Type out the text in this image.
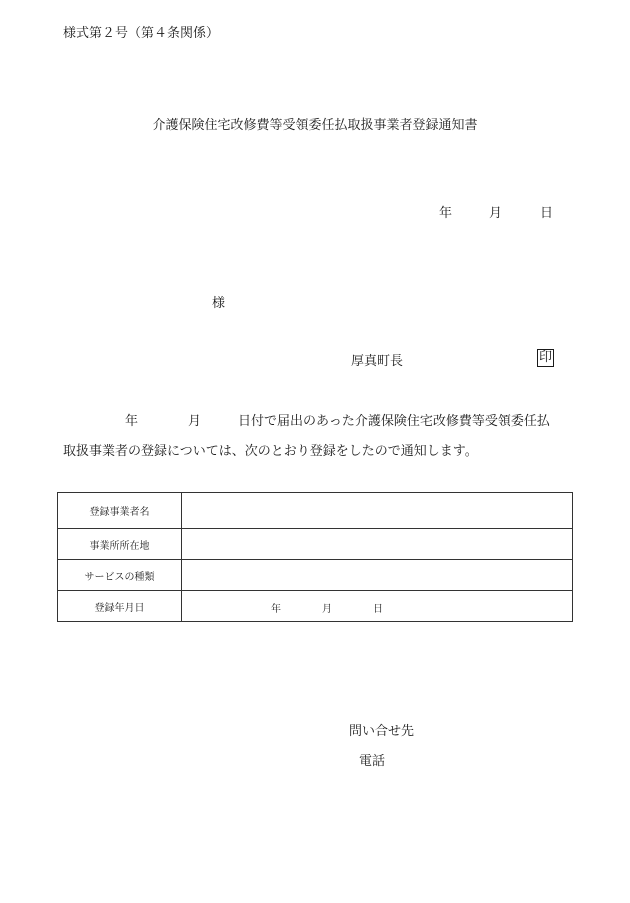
様式第２号（第４条関係）
介護保険住宅改修費等受領委任払取扱事業者登録通知書
年	月	日
様
厚真町長	印
年	月	日付で届出のあった介護保険住宅改修費等受領委任払
取扱事業者の登録については、次のとおり登録をしたので通知します。
登録事業者名	
事業所所在地	
サービスの種類	
登録年月日	年 月 日
問い合せ先
電話
